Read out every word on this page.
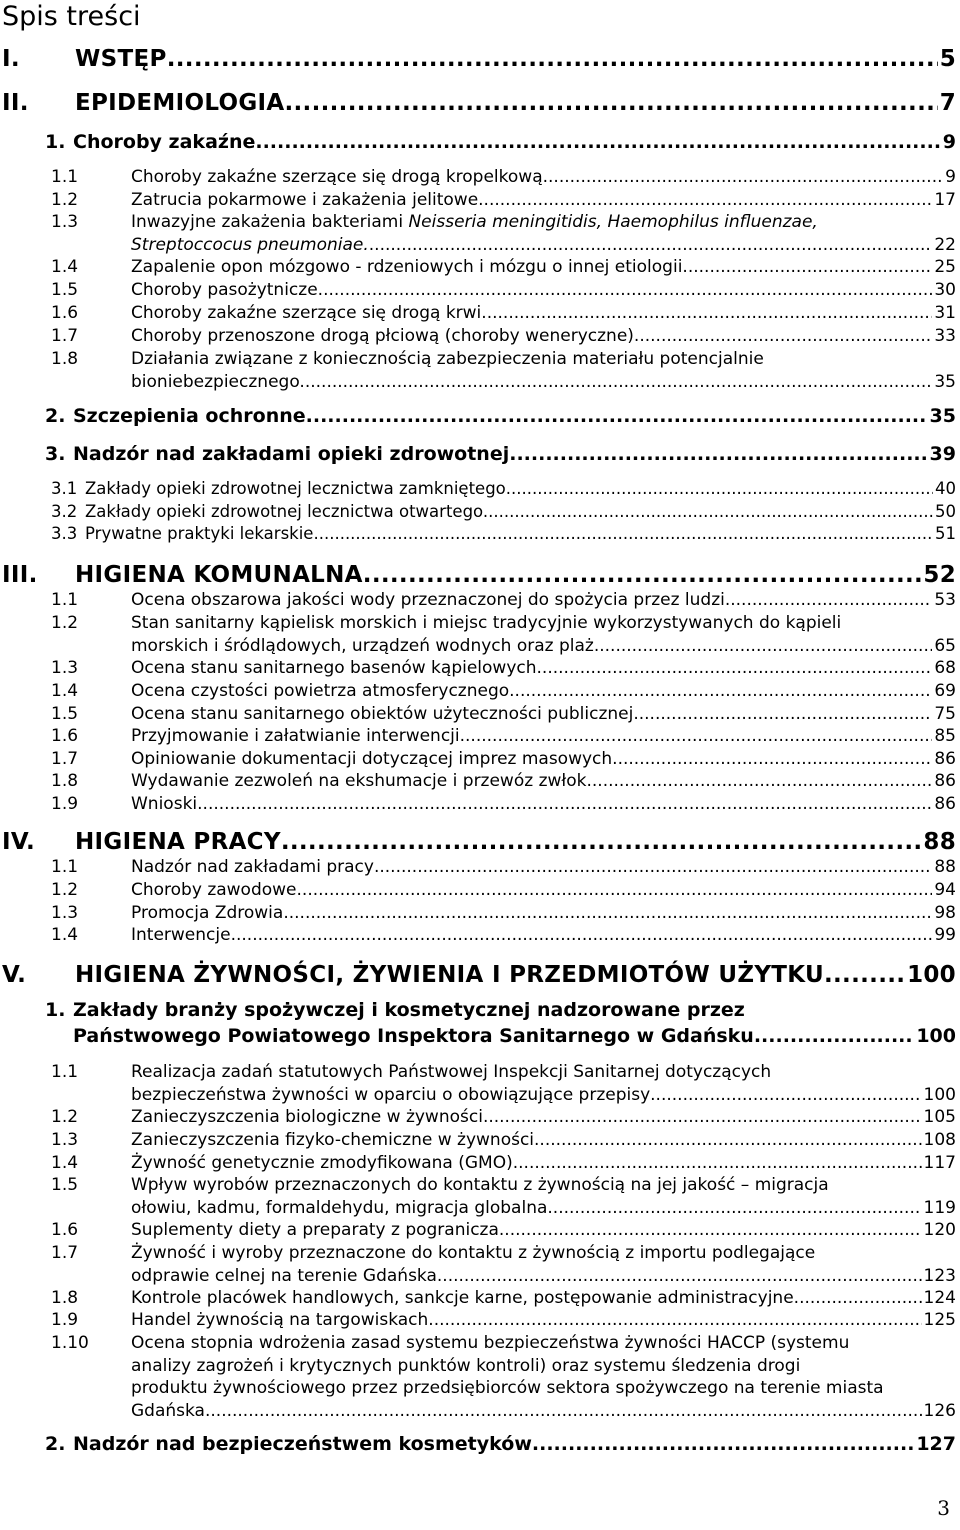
Spis treści
I. WSTĘP .....	5
II. EPIDEMIOLOGIA .....	7
1. Choroby zakaźne .....	9
1.1	Choroby zakaźne szerzące się drogą kropelkową .....	9
1.2	Zatrucia pokarmowe i zakażenia jelitowe .....	17
1.3	Inwazyjne zakażenia bakteriami Neisseria meningitidis, Haemophilus influenzae,
Streptoccocus pneumoniae. .....	22
1.4	Zapalenie opon mózgowo - rdzeniowych i mózgu o innej etiologii. .....	25
1.5	Choroby pasożytnicze .....	30
1.6	Choroby zakaźne szerzące się drogą krwi .....	31
1.7	Choroby przenoszone drogą płciową (choroby weneryczne). .....	33
1.8	Działania związane z koniecznością zabezpieczenia materiału potencjalnie
bioniebezpiecznego. .....	35
2. Szczepienia ochronne .....	35
3. Nadzór nad zakładami opieki zdrowotnej .....	39
3.1 Zakłady opieki zdrowotnej lecznictwa zamkniętego .....	40
3.2 Zakłady opieki zdrowotnej lecznictwa otwartego. .....	50
3.3 Prywatne praktyki lekarskie .....	51
III. HIGIENA KOMUNALNA .....	52
1.1	Ocena obszarowa jakości wody przeznaczonej do spożycia przez ludzi .....	53
1.2	Stan sanitarny kąpielisk morskich i miejsc tradycyjnie wykorzystywanych do kąpieli
morskich i śródlądowych, urządzeń wodnych oraz plaż. .....	65
1.3	Ocena stanu sanitarnego basenów kąpielowych .....	68
1.4	Ocena czystości powietrza atmosferycznego .....	69
1.5	Ocena stanu sanitarnego obiektów użyteczności publicznej .....	75
1.6	Przyjmowanie i załatwianie interwencji .....	85
1.7	Opiniowanie dokumentacji dotyczącej imprez masowych .....	86
1.8	Wydawanie zezwoleń na ekshumacje i przewóz zwłok .....	86
1.9	Wnioski .....	86
IV. HIGIENA PRACY .....	88
1.1	Nadzór nad zakładami pracy .....	88
1.2	Choroby zawodowe .....	94
1.3	Promocja Zdrowia .....	98
1.4	Interwencje .....	99
V. HIGIENA ŻYWNOŚCI, ŻYWIENIA I PRZEDMIOTÓW UŻYTKU .....	100
1. Zakłady branży spożywczej i kosmetycznej nadzorowane przez
Państwowego Powiatowego Inspektora Sanitarnego w Gdańsku .....	100
1.1	Realizacja zadań statutowych Państwowej Inspekcji Sanitarnej dotyczących
bezpieczeństwa żywności w oparciu o obowiązujące przepisy .....	100
1.2	Zanieczyszczenia biologiczne w żywności .....	105
1.3	Zanieczyszczenia fizyko-chemiczne w żywności .....	108
1.4	Żywność genetycznie zmodyfikowana (GMO) .....	117
1.5	Wpływ wyrobów przeznaczonych do kontaktu z żywnością na jej jakość – migracja
ołowiu, kadmu, formaldehydu, migracja globalna .....	119
1.6	Suplementy diety a preparaty z pogranicza .....	120
1.7	Żywność i wyroby przeznaczone do kontaktu z żywnością z importu podlegające
odprawie celnej na terenie Gdańska .....	123
1.8	Kontrole placówek handlowych, sankcje karne, postępowanie administracyjne .....	124
1.9	Handel żywnością na targowiskach .....	125
1.10 Ocena stopnia wdrożenia zasad systemu bezpieczeństwa żywności HACCP (systemu
analizy zagrożeń i krytycznych punktów kontroli) oraz systemu śledzenia drogi
produktu żywnościowego przez przedsiębiorców sektora spożywczego na terenie miasta
Gdańska .....	126
2. Nadzór nad bezpieczeństwem kosmetyków .....	127
3
